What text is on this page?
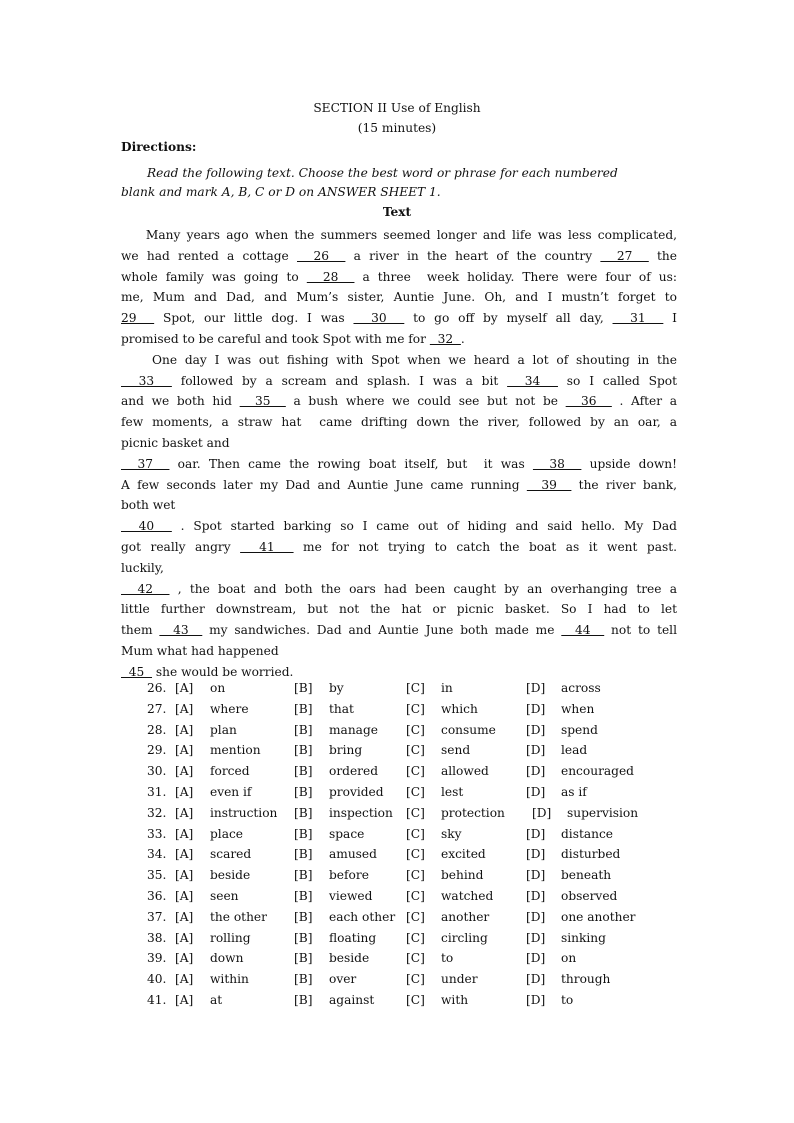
SECTION II Use of English
(15 minutes)
Directions:
Read the following text. Choose the best word or phrase for each numbered
blank and mark A, B, C or D on ANSWER SHEET 1.
Text
Many years ago when the summers seemed longer and life was less complicated,
we had rented a cottage   26   a river in the heart of the country   27   the
whole family was going to   28   a three  week holiday. There were four of us:
me, Mum and Dad, and Mum’s sister, Auntie June. Oh, and I mustn’t forget to
29   Spot, our little dog. I was   30   to go off by myself all day,   31   I
promised to be careful and took Spot with me for   32  .
One day I was out fishing with Spot when we heard a lot of shouting in the
33   followed by a scream and splash. I was a bit   34   so I called Spot
and we both hid   35   a bush where we could see but not be   36   . After a
few moments, a straw hat  came drifting down the river, followed by an oar, a
picnic basket and
37   oar. Then came the rowing boat itself, but  it was   38   upside down!
A few seconds later my Dad and Auntie June came running   39   the river bank,
both wet
40   . Spot started barking so I came out of hiding and said hello. My Dad
got really angry   41   me for not trying to catch the boat as it went past.
luckily,
42   , the boat and both the oars had been caught by an overhanging tree a
little further downstream, but not the hat or picnic basket. So I had to let
them   43   my sandwiches. Dad and Auntie June both made me   44   not to tell
Mum what had happened
45   she would be worried.
26. [A] on	[B] by	[C] in	[D] across
27. [A] where	[B] that	[C] which	[D] when
28. [A] plan	[B] manage [C] consume [D] spend
29. [A] mention	[B] bring	[C] send	[D] lead
30. [A] forced	[B] ordered [C] allowed	[D] encouraged
31. [A] even if	[B] provided [C] lest	[D] as if
32. [A] instruction [B] inspection [C] protection [D] supervision
33. [A] place	[B] space	[C] sky	[D] distance
34. [A] scared	[B] amused [C] excited	[D] disturbed
35. [A] beside	[B] before	[C] behind	[D] beneath
36. [A] seen	[B] viewed	[C] watched	[D] observed
37. [A] the other [B] each other [C] another	[D] one another
38. [A] rolling	[B] floating [C] circling	[D] sinking
39. [A] down	[B] beside	[C] to	[D] on
40. [A] within	[B] over	[C] under	[D] through
41. [A] at	[B] against	[C] with	[D] to
